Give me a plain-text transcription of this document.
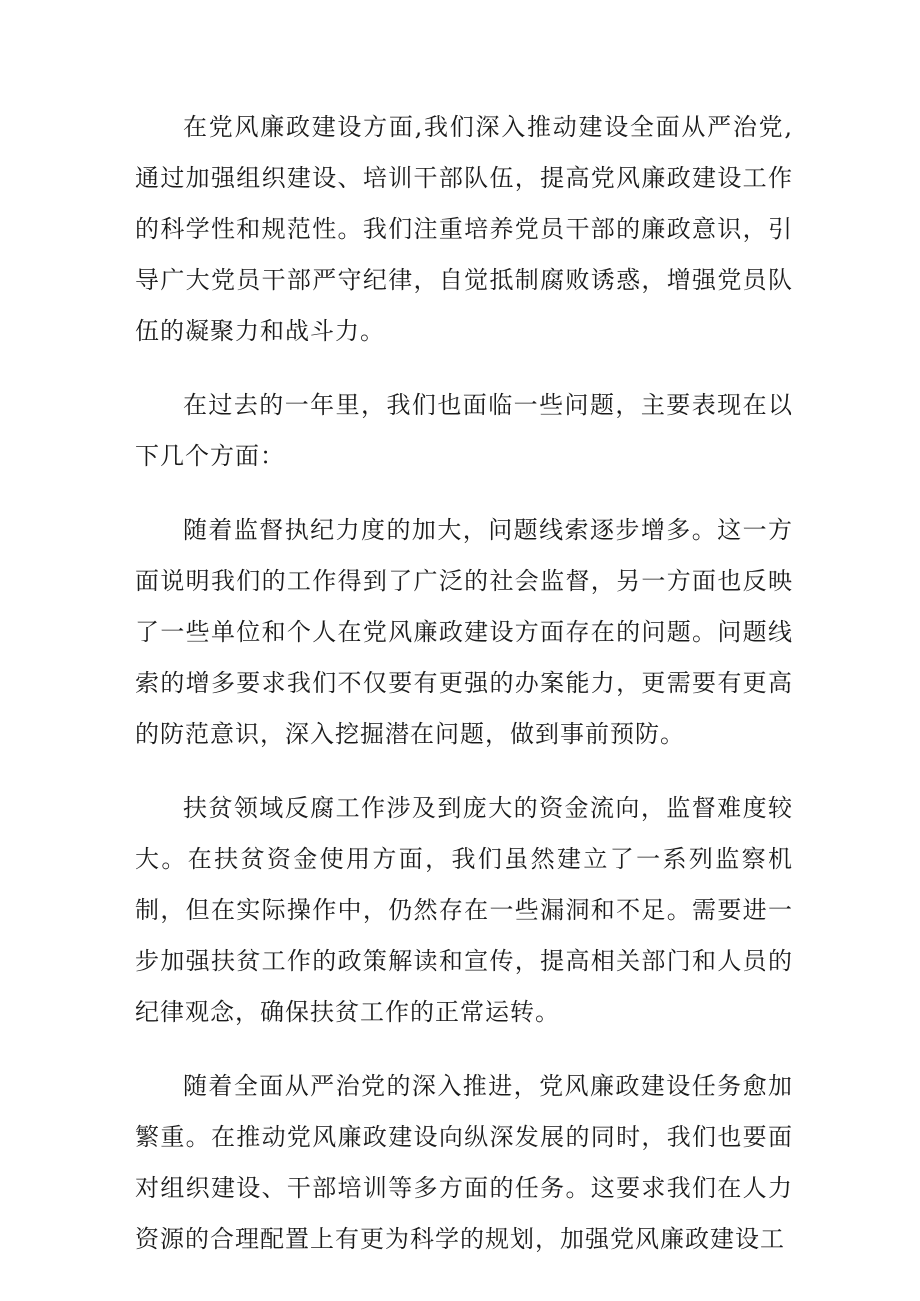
在党风廉政建设方面,我们深入推动建设全面从严治党,通过加强组织建设、培训干部队伍，提高党风廉政建设工作的科学性和规范性。我们注重培养党员干部的廉政意识，引导广大党员干部严守纪律，自觉抵制腐败诱惑，增强党员队伍的凝聚力和战斗力。

在过去的一年里，我们也面临一些问题，主要表现在以下几个方面：

随着监督执纪力度的加大，问题线索逐步增多。这一方面说明我们的工作得到了广泛的社会监督，另一方面也反映了一些单位和个人在党风廉政建设方面存在的问题。问题线索的增多要求我们不仅要有更强的办案能力，更需要有更高的防范意识，深入挖掘潜在问题，做到事前预防。

扶贫领域反腐工作涉及到庞大的资金流向，监督难度较大。在扶贫资金使用方面，我们虽然建立了一系列监察机制，但在实际操作中，仍然存在一些漏洞和不足。需要进一步加强扶贫工作的政策解读和宣传，提高相关部门和人员的纪律观念，确保扶贫工作的正常运转。

随着全面从严治党的深入推进，党风廉政建设任务愈加繁重。在推动党风廉政建设向纵深发展的同时，我们也要面对组织建设、干部培训等多方面的任务。这要求我们在人力资源的合理配置上有更为科学的规划，加强党风廉政建设工
